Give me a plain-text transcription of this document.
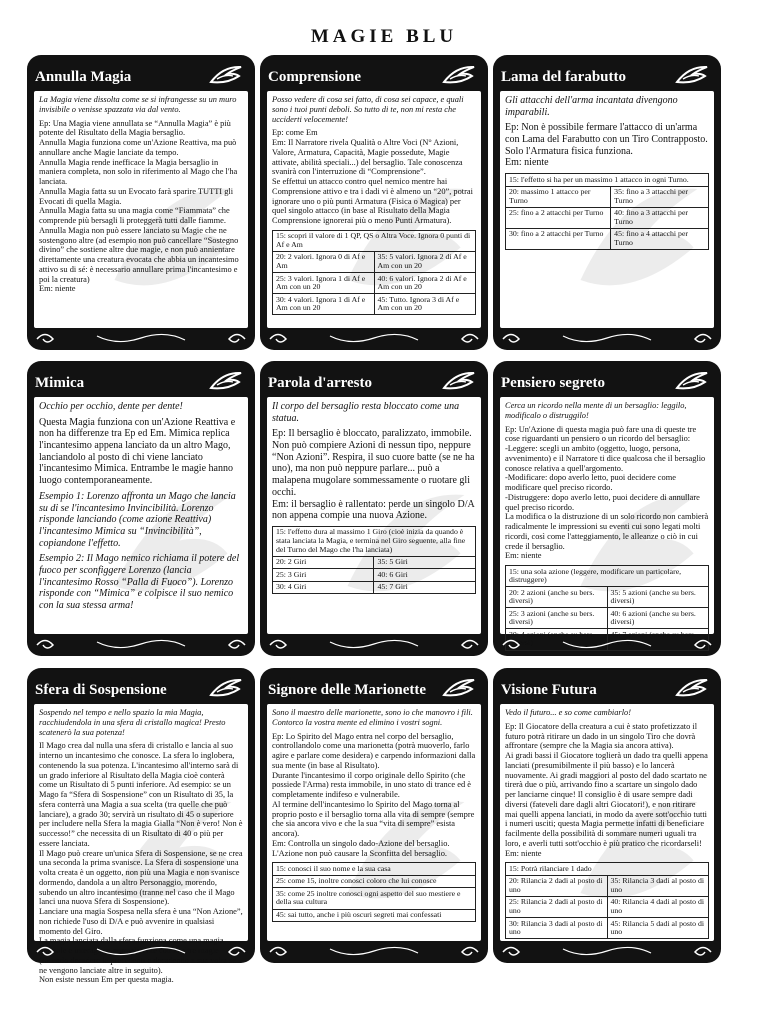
MAGIE BLU
Annulla Magia

La Magia viene dissolta come se si infrangesse su un muro invisibile o venisse spazzata via dal vento.

Ep: Una Magia viene annullata se “Annulla Magia” è più potente del Risultato della Magia bersaglio.

Annulla Magia funziona come un'Azione Reattiva, ma può annullare anche Magie lanciate da tempo.

Annulla Magia rende inefficace la Magia bersaglio in maniera completa, non solo in riferimento al Mago che l'ha lanciata.

Annulla Magia fatta su un Evocato farà sparire TUTTI gli Evocati di quella Magia.

Annulla Magia fatta su una magia come “Fiammata” che comprende più bersagli li proteggerà tutti dalle fiamme.

Annulla Magia non può essere lanciato su Magie che ne sostengono altre (ad esempio non può cancellare “Sostegno divino” che sostiene altre due magie, e non può annientare direttamente una creatura evocata che abbia un incantesimo attivo su di sé: è necessario annullare prima l'incantesimo e poi la creatura)

Em: niente

Comprensione

Posso vedere di cosa sei fatto, di cosa sei capace, e quali sono i tuoi punti deboli. So tutto di te, non mi resta che ucciderti velocemente!

Ep: come Em

Em: Il Narratore rivela Qualità o Altre Voci (N° Azioni, Valore, Armatura, Capacità, Magie possedute, Magie attivate, abilità speciali...) del bersaglio. Tale conoscenza svanirà con l'interruzione di “Comprensione”.

Se effettui un attacco contro quel nemico mentre hai Comprensione attivo e tra i dadi vi è almeno un “20”, potrai ignorare uno o più punti Armatura (Fisica o Magica) per quel singolo attacco (in base al Risultato della Magia Comprensione ignorerai più o meno Punti Armatura).

15: scopri il valore di 1 QP, QS o Altra Voce. Ignora 0 punti di Af e Am	
20: 2 valori. Ignora 0 di Af e Am	35: 5 valori. Ignora 2 di Af e Am con un 20
25: 3 valori. Ignora 1 di Af e Am con un 20	40: 6 valori. Ignora 2 di Af e Am con un 20
30: 4 valori. Ignora 1 di Af e Am con un 20	45: Tutto. Ignora 3 di Af e Am con un 20
Lama del farabutto

Gli attacchi dell'arma incantata divengono imparabili.

Ep: Non è possibile fermare l'attacco di un'arma con Lama del Farabutto con un Tiro Contrapposto. Solo l'Armatura fisica funziona.

Em: niente

15: l'effetto si ha per un massimo 1 attacco in ogni Turno.	
20: massimo 1 attacco per Turno	35: fino a 3 attacchi per Turno
25: fino a 2 attacchi per Turno	40: fino a 3 attacchi per Turno
30: fino a 2 attacchi per Turno	45: fino a 4 attacchi per Turno
Mimica

Occhio per occhio, dente per dente!

Questa Magia funziona con un'Azione Reattiva e non ha differenze tra Ep ed Em. Mimica replica l'incantesimo appena lanciato da un altro Mago, lanciandolo al posto di chi viene lanciato l'incantesimo Mimica. Entrambe le magie hanno luogo contemporaneamente.

Esempio 1: Lorenzo affronta un Mago che lancia su di se l'incantesimo Invincibilità. Lorenzo risponde lanciando (come azione Reattiva) l'incantesimo Mimica su “Invincibilità”, copiandone l'effetto.

Esempio 2: Il Mago nemico richiama il potere del fuoco per sconfiggere Lorenzo (lancia l'incantesimo Rosso “Palla di Fuoco”). Lorenzo risponde con “Mimica” e colpisce il suo nemico con la sua stessa arma!

Parola d'arresto

Il corpo del bersaglio resta bloccato come una statua.

Ep: Il bersaglio è bloccato, paralizzato, immobile. Non può compiere Azioni di nessun tipo, neppure “Non Azioni”. Respira, il suo cuore batte (se ne ha uno), ma non può neppure parlare... può a malapena mugolare sommessamente o ruotare gli occhi.

Em: il bersaglio è rallentato: perde un singolo D/A non appena compie una nuova Azione.

15: l'effetto dura al massimo 1 Giro (cioè inizia da quando è stata lanciata la Magia, e termina nel Giro seguente, alla fine del Turno del Mago che l'ha lanciata)	
20: 2 Giri	35: 5 Giri
25: 3 Giri	40: 6 Giri
30: 4 Giri	45: 7 Giri
Pensiero segreto

Cerca un ricordo nella mente di un bersaglio: leggilo, modificalo o distruggilo!

Ep: Un'Azione di questa magia può fare una di queste tre cose riguardanti un pensiero o un ricordo del bersaglio:

-Leggere: scegli un ambito (oggetto, luogo, persona, avvenimento) e il Narratore ti dice qualcosa che il bersaglio conosce relativa a quell'argomento.

-Modificare: dopo averlo letto, puoi decidere come modificare quel preciso ricordo.

-Distruggere: dopo averlo letto, puoi decidere di annullare quel preciso ricordo.

La modifica o la distruzione di un solo ricordo non cambierà radicalmente le impressioni su eventi cui sono legati molti ricordi, così come l'atteggiamento, le alleanze o ciò in cui crede il bersaglio.

Em: niente

15: una sola azione (leggere, modificare un particolare, distruggere)	
20: 2 azioni (anche su bers. diversi)	35: 5 azioni (anche su bers. diversi)
25: 3 azioni (anche su bers. diversi)	40: 6 azioni (anche su bers. diversi)
30: 4 azioni (anche su bers. diversi)	45: 7 azioni (anche su bers. diversi)
Sfera di Sospensione

Sospendo nel tempo e nello spazio la mia Magia, racchiudendola in una sfera di cristallo magica! Presto scatenerò la sua potenza!

Il Mago crea dal nulla una sfera di cristallo e lancia al suo interno un incantesimo che conosce. La sfera lo inglobera, contenendo la sua potenza. L'incantesimo all'interno sarà di un grado inferiore al Risultato della Magia cioè conterà come un Risultato di 5 punti inferiore. Ad esempio: se un Mago fa “Sfera di Sospensione” con un Risultato di 35, la sfera conterrà una Magia a sua scelta (tra quelle che può lanciare), a grado 30; servirà un risultato di 45 o superiore per includere nella Sfera la magia Gialla “Non è vero! Non è successo!” che necessita di un Risultato di 40 o più per essere lanciata.

Il Mago può creare un'unica Sfera di Sospensione, se ne crea una seconda la prima svanisce. La Sfera di sospensione una volta creata è un oggetto, non più una Magia e non svanisce dormendo, dandola a un altro Personaggio, morendo, subendo un altro incantesimo (tranne nel caso che il Mago lanci una nuova Sfera di Sospensione).

Lanciare una magia Sospesa nella sfera è una “Non Azione”, non richiede l'uso di D/A e può avvenire in qualsiasi momento del Giro.

La magia lanciata dalla sfera funziona come una magia normale e interagisce normalmente con le altre magie (facendo decadere le precedenti e decadendo a sua volta se ne vengono lanciate altre in seguito).

Non esiste nessun Em per questa magia.

Signore delle Marionette

Sono il maestro delle marionette, sono io che manovro i fili. Contorco la vostra mente ed elimino i vostri sogni.

Ep: Lo Spirito del Mago entra nel corpo del bersaglio, controllandolo come una marionetta (potrà muoverlo, farlo agire e parlare come desidera) e carpendo informazioni dalla sua mente (in base al Risultato).

Durante l'incantesimo il corpo originale dello Spirito (che possiede l'Arma) resta immobile, in uno stato di trance ed è completamente indifeso e vulnerabile.

Al termine dell'incantesimo lo Spirito del Mago torna al proprio posto e il bersaglio torna alla vita di sempre (sempre che sia ancora vivo e che la sua “vita di sempre” esista ancora).

Em: Controlla un singolo dado-Azione del bersaglio. L'Azione non può causare la Sconfitta del bersaglio.

15: conosci il suo nome e la sua casa
25: come 15, inoltre conosci coloro che lui conosce
35: come 25 inoltre conosci ogni aspetto del suo mestiere e della sua cultura
45: sai tutto, anche i più oscuri segreti mai confessati
Visione Futura

Vedo il futuro... e so come cambiarlo!

Ep: Il Giocatore della creatura a cui è stato profetizzato il futuro potrà ritirare un dado in un singolo Tiro che dovrà affrontare (sempre che la Magia sia ancora attiva).

Ai gradi bassi il Giocatore toglierà un dado tra quelli appena lanciati (presumibilmente il più basso) e lo lancerà nuovamente. Ai gradi maggiori al posto del dado scartato ne tirerà due o più, arrivando fino a scartare un singolo dado per lanciarne cinque! Il consiglio è di usare sempre dadi diversi (fateveli dare dagli altri Giocatori!), e non ritirare mai quelli appena lanciati, in modo da avere sott'occhio tutti i numeri usciti; questa Magia permette infatti di beneficiare facilmente della possibilità di sommare numeri uguali tra loro, e averli tutti sott'occhio è più pratico che ricordarseli!

Em: niente

15: Potrà rilanciare 1 dado	
20: Rilancia 2 dadi al posto di uno	35: Rilancia 3 dadi al posto di uno
25: Rilancia 2 dadi al posto di uno	40: Rilancia 4 dadi al posto di uno
30: Rilancia 3 dadi al posto di uno	45: Rilancia 5 dadi al posto di uno
